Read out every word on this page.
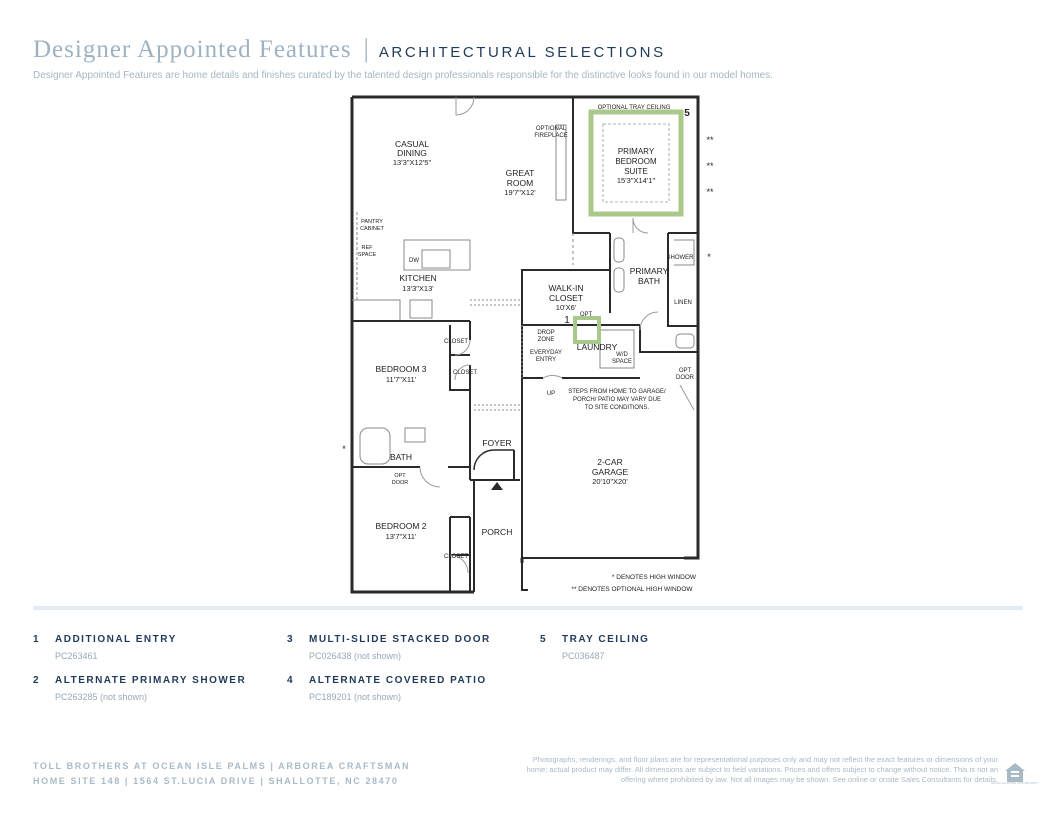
Designer Appointed Features | ARCHITECTURAL SELECTIONS
Designer Appointed Features are home details and finishes curated by the talented design professionals responsible for the distinctive looks found in our model homes.
1
5
CASUAL
DINING
13'3"X12'5"
GREAT
ROOM
19'7"X12'
OPTIONAL
FIREPLACE
OPTIONAL TRAY CEILING
PRIMARY
BEDROOM
SUITE
15'3"X14'1"
PANTRY
CABINET
REF
SPACE
DW
KITCHEN
13'3"X13'
PRIMARY
BATH
SHOWER
LINEN
WALK-IN
CLOSET
10'X6'
OPT
DROP
ZONE
LAUNDRY
EVERYDAY
ENTRY
W/D
SPACE
OPT
DOOR
BEDROOM 3
11'7"X11'
CLOSET
CLOSET
UP STEPS FROM HOME TO GARAGE/
PORCH/ PATIO MAY VARY DUE
TO SITE CONDITIONS.
FOYER
BATH
OPT
DOOR
2-CAR
GARAGE
20'10"X20'
BEDROOM 2
13'7"X11'
CLOSET
PORCH
* DENOTES HIGH WINDOW
** DENOTES OPTIONAL HIGH WINDOW
**
**
**
*
*
1 ADDITIONAL ENTRY
PC263461
2 ALTERNATE PRIMARY SHOWER
PC263285 (not shown)
3 MULTI-SLIDE STACKED DOOR
PC026438 (not shown)
4 ALTERNATE COVERED PATIO
PC189201 (not shown)
5 TRAY CEILING
PC036487
TOLL BROTHERS AT OCEAN ISLE PALMS | ARBOREA CRAFTSMAN
HOME SITE 148 | 1564 ST.LUCIA DRIVE | SHALLOTTE, NC 28470
Photographs, renderings, and floor plans are for representational purposes only and may not reflect the exact features or dimensions of your home; actual product may differ. All dimensions are subject to field variations. Prices and offers subject to change without notice. This is not an offering where prohibited by law. Not all images may be shown. See online or onsite Sales Consultants for details.
EQUAL HOUSING OPPORTUNITY
